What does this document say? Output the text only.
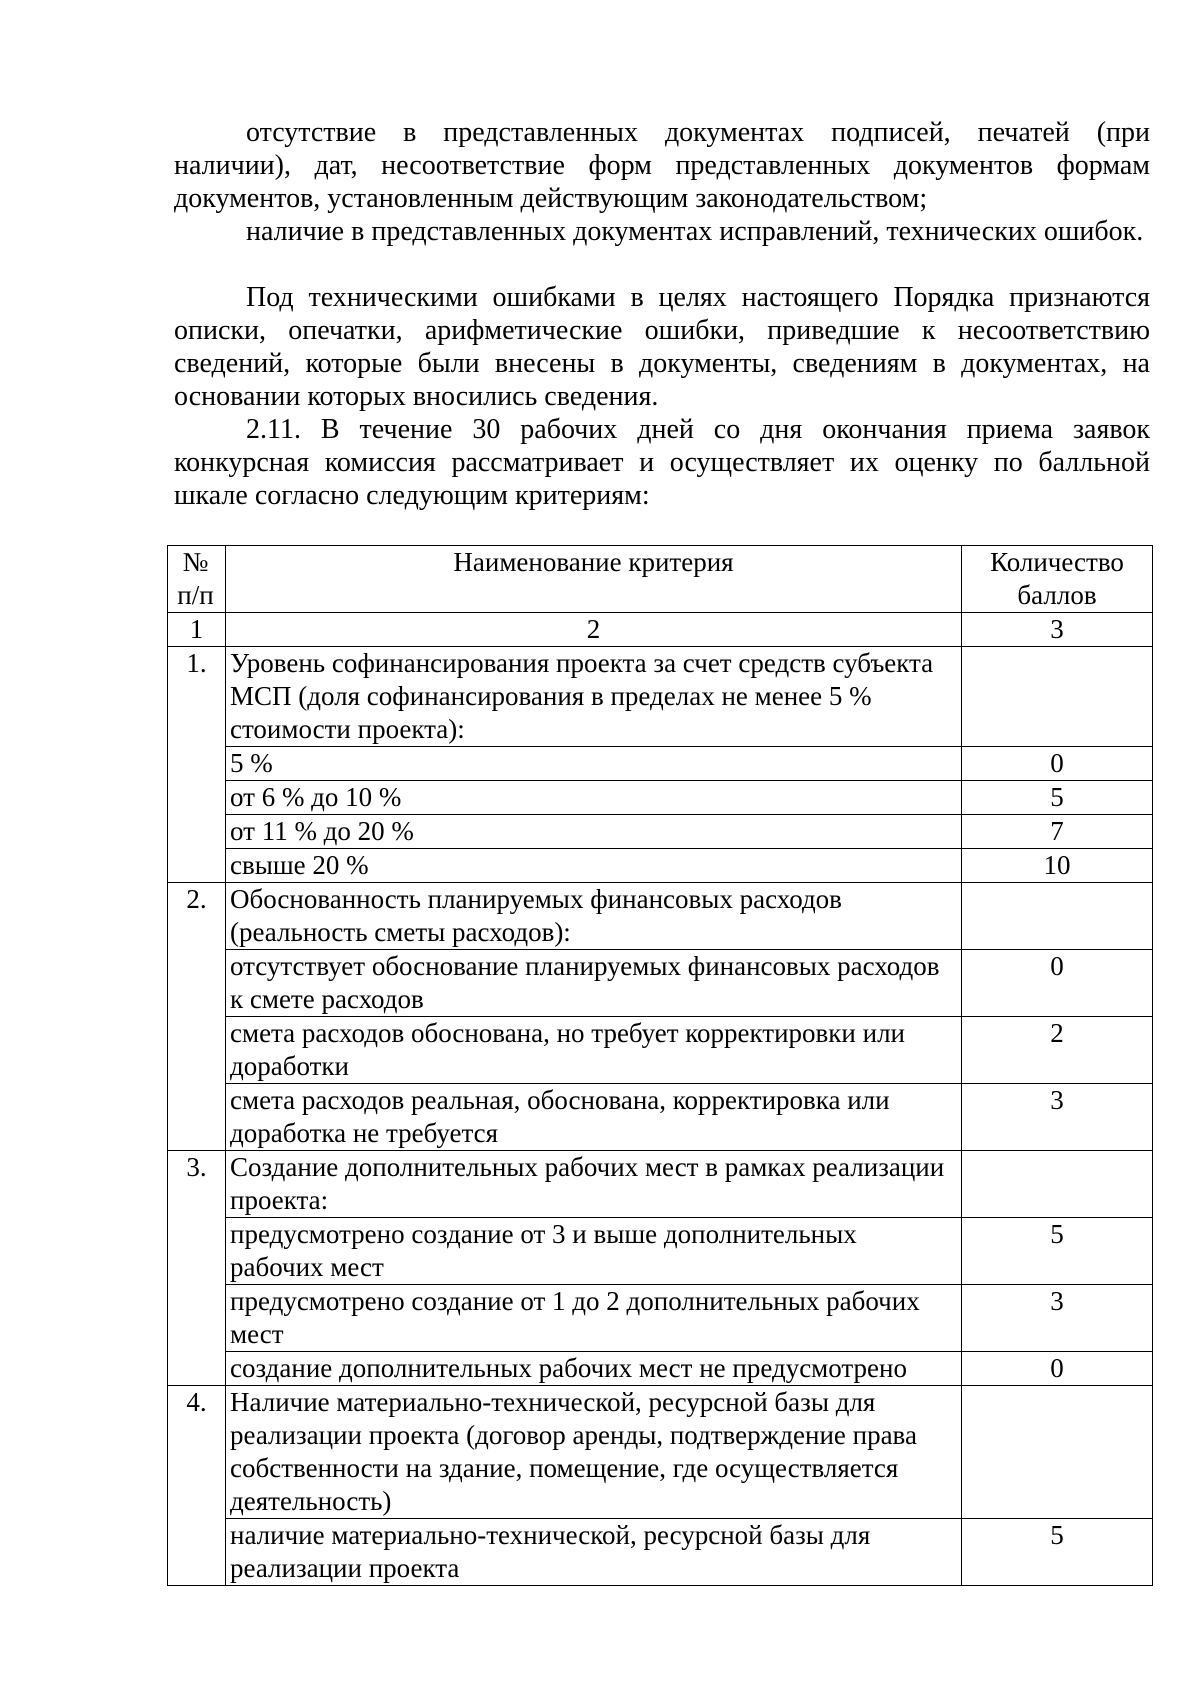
отсутствие в представленных документах подписей, печатей (при наличии), дат, несоответствие форм представленных документов формам документов, установленным действующим законодательством;

наличие в представленных документах исправлений, технических ошибок.

Под техническими ошибками в целях настоящего Порядка признаются описки, опечатки, арифметические ошибки, приведшие к несоответствию сведений, которые были внесены в документы, сведениям в документах, на основании которых вносились сведения.

2.11. В течение 30 рабочих дней со дня окончания приема заявок конкурсная комиссия рассматривает и осуществляет их оценку по балльной шкале согласно следующим критериям:

№ п/п	Наименование критерия	Количество баллов
1	2	3
1.	Уровень софинансирования проекта за счет средств субъекта МСП (доля софинансирования в пределах не менее 5 % стоимости проекта):	
	5 %	0
	от 6 % до 10 %	5
	от 11 % до 20 %	7
	свыше 20 %	10
2.	Обоснованность планируемых финансовых расходов (реальность сметы расходов):	
	отсутствует обоснование планируемых финансовых расходов к смете расходов	0
	смета расходов обоснована, но требует корректировки или доработки	2
	смета расходов реальная, обоснована, корректировка или доработка не требуется	3
3.	Создание дополнительных рабочих мест в рамках реализации проекта:	
	предусмотрено создание от 3 и выше дополнительных рабочих мест	5
	предусмотрено создание от 1 до 2 дополнительных рабочих мест	3
	создание дополнительных рабочих мест не предусмотрено	0
4.	Наличие материально-технической, ресурсной базы для реализации проекта (договор аренды, подтверждение права собственности на здание, помещение, где осуществляется деятельность)	
	наличие материально-технической, ресурсной базы для реализации проекта	5
